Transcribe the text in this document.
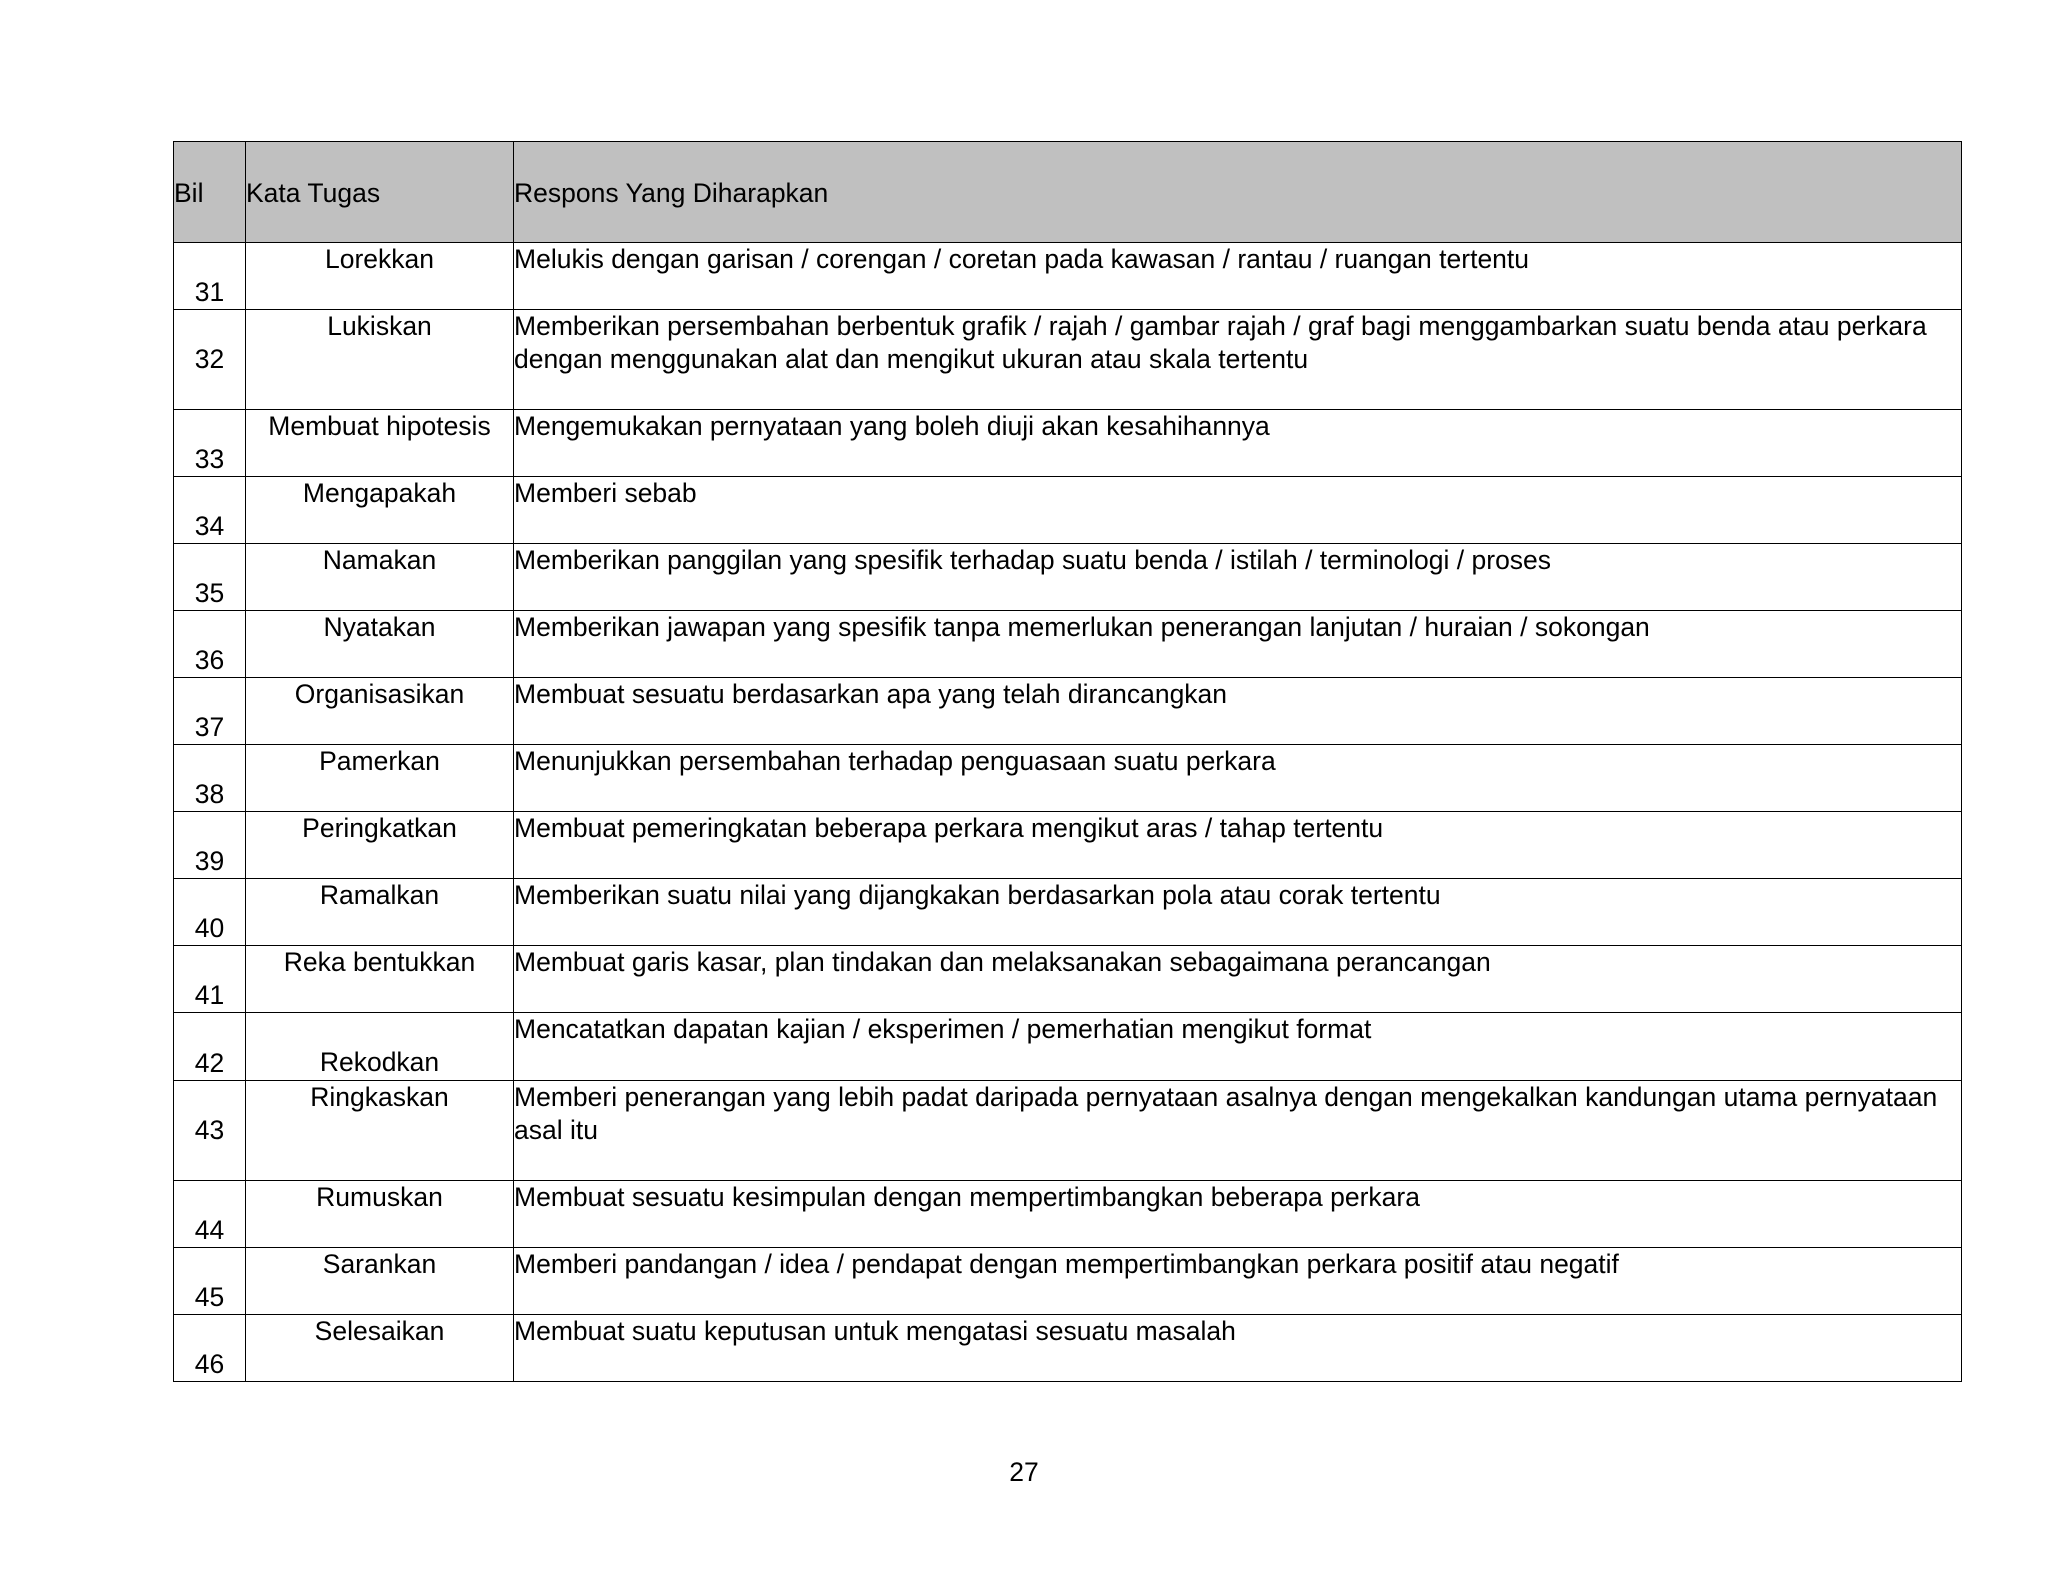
Bil	Kata Tugas	Respons Yang Diharapkan
31	Lorekkan	Melukis dengan garisan / corengan / coretan pada kawasan / rantau / ruangan tertentu
32	Lukiskan	Memberikan persembahan berbentuk grafik / rajah / gambar rajah / graf bagi menggambarkan suatu benda atau perkara dengan menggunakan alat dan mengikut ukuran atau skala tertentu
33	Membuat hipotesis	Mengemukakan pernyataan yang boleh diuji akan kesahihannya
34	Mengapakah	Memberi sebab
35	Namakan	Memberikan panggilan yang spesifik terhadap suatu benda / istilah / terminologi / proses
36	Nyatakan	Memberikan jawapan yang spesifik tanpa memerlukan penerangan lanjutan / huraian / sokongan
37	Organisasikan	Membuat sesuatu berdasarkan apa yang telah dirancangkan
38	Pamerkan	Menunjukkan persembahan terhadap penguasaan suatu perkara
39	Peringkatkan	Membuat pemeringkatan beberapa perkara mengikut aras / tahap tertentu
40	Ramalkan	Memberikan suatu nilai yang dijangkakan berdasarkan pola atau corak tertentu
41	Reka bentukkan	Membuat garis kasar, plan tindakan dan melaksanakan sebagaimana perancangan
42	Rekodkan	Mencatatkan dapatan kajian / eksperimen / pemerhatian mengikut format
43	Ringkaskan	Memberi penerangan yang lebih padat daripada pernyataan asalnya dengan mengekalkan kandungan utama pernyataan asal itu
44	Rumuskan	Membuat sesuatu kesimpulan dengan mempertimbangkan beberapa perkara
45	Sarankan	Memberi pandangan / idea / pendapat dengan mempertimbangkan perkara positif atau negatif
46	Selesaikan	Membuat suatu keputusan untuk mengatasi sesuatu masalah
27
